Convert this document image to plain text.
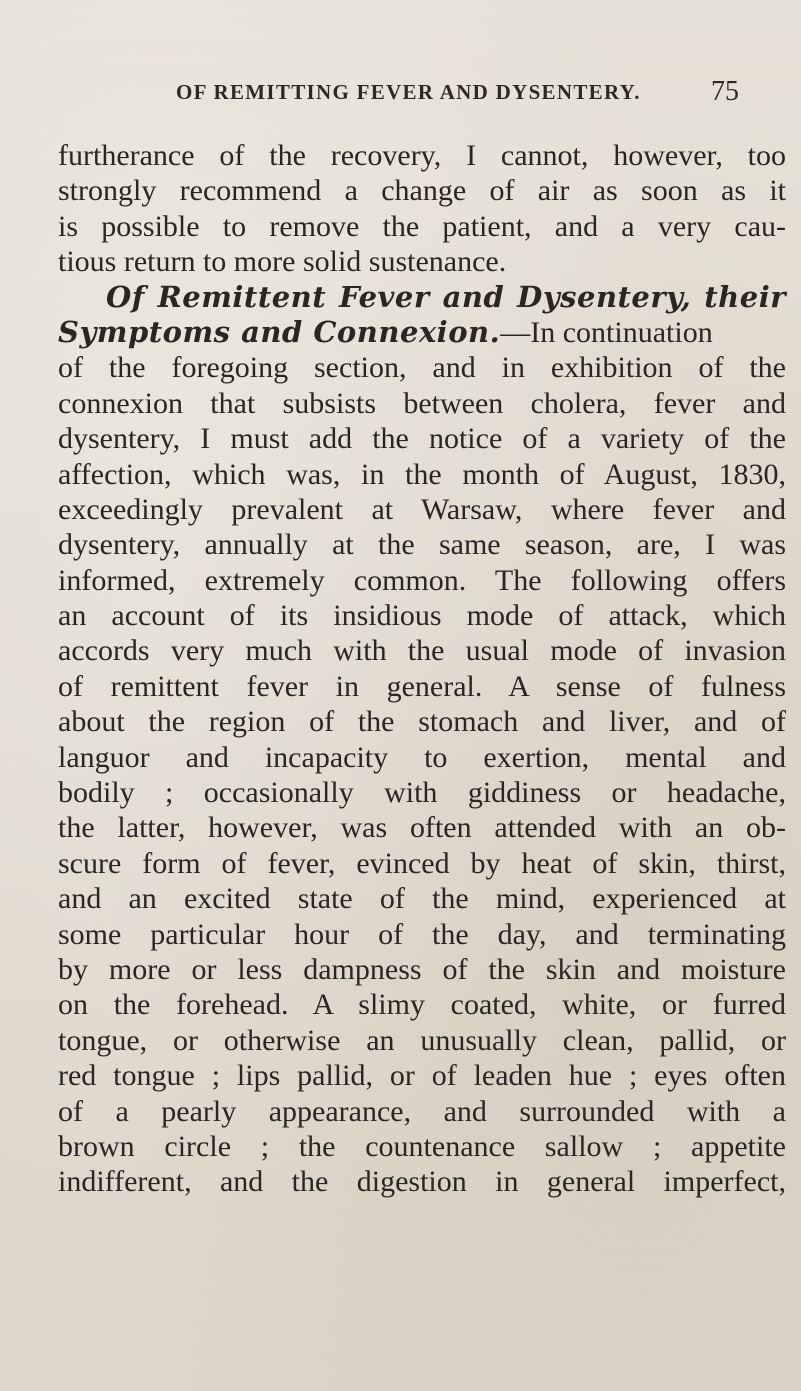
OF REMITTING FEVER AND DYSENTERY.	75
furtherance of the recovery, I cannot, however, too
strongly recommend a change of air as soon as it
is possible to remove the patient, and a very cau-
tious return to more solid sustenance.
Of Remittent Fever and Dysentery, their
Symptoms and Connexion.—In continuation
of the foregoing section, and in exhibition of the
connexion that subsists between cholera, fever and
dysentery, I must add the notice of a variety of the
affection, which was, in the month of August, 1830,
exceedingly prevalent at Warsaw, where fever and
dysentery, annually at the same season, are, I was
informed, extremely common. The following offers
an account of its insidious mode of attack, which
accords very much with the usual mode of invasion
of remittent fever in general. A sense of fulness
about the region of the stomach and liver, and of
languor and incapacity to exertion, mental and
bodily ; occasionally with giddiness or headache,
the latter, however, was often attended with an ob-
scure form of fever, evinced by heat of skin, thirst,
and an excited state of the mind, experienced at
some particular hour of the day, and terminating
by more or less dampness of the skin and moisture
on the forehead. A slimy coated, white, or furred
tongue, or otherwise an unusually clean, pallid, or
red tongue ; lips pallid, or of leaden hue ; eyes often
of a pearly appearance, and surrounded with a
brown circle ; the countenance sallow ; appetite
indifferent, and the digestion in general imperfect,
